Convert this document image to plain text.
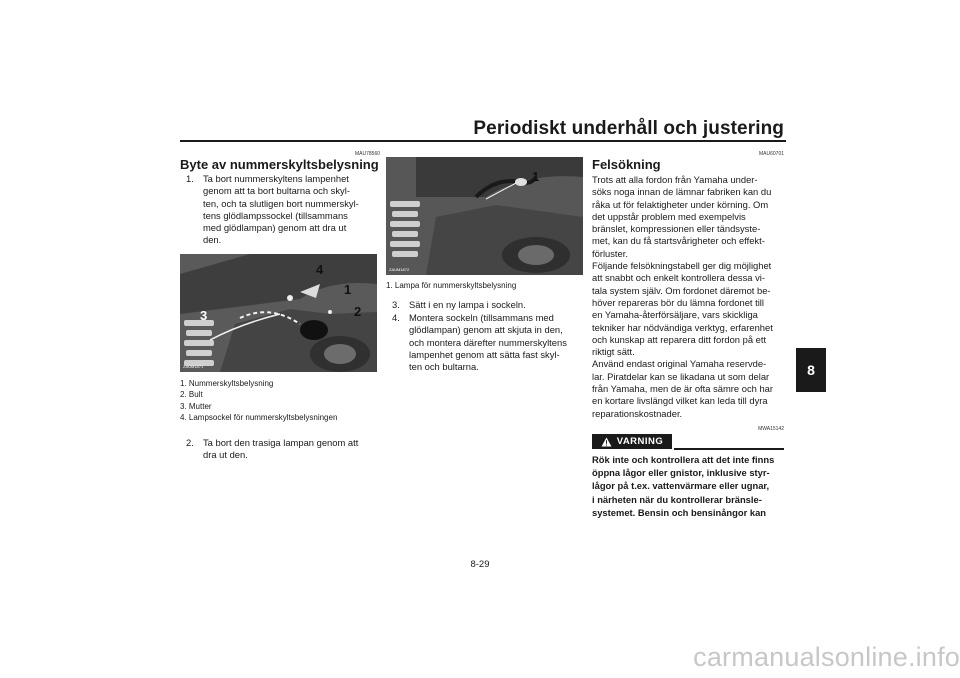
Periodiskt underhåll och justering
8
MAU78560
Byte av nummerskyltsbelysning
1. Ta bort nummerskyltens lampenhet
genom att ta bort bultarna och skyl-
ten, och ta slutligen bort nummerskyl-
tens glödlampssockel (tillsammans
med glödlampan) genom att dra ut
den.
4
1
2
3
ZAUM1871
1. Nummerskyltsbelysning
2. Bult
3. Mutter
4. Lampsockel för nummerskyltsbelysningen
2. Ta bort den trasiga lampan genom att
dra ut den.
1
ZAUM1872
1. Lampa för nummerskyltsbelysning
3. Sätt i en ny lampa i sockeln.
4. Montera sockeln (tillsammans med
glödlampan) genom att skjuta in den,
och montera därefter nummerskyltens
lampenhet genom att sätta fast skyl-
ten och bultarna.
MAU60701
Felsökning
Trots att alla fordon från Yamaha under-
söks noga innan de lämnar fabriken kan du
råka ut för felaktigheter under körning. Om
det uppstår problem med exempelvis
bränslet, kompressionen eller tändsyste-
met, kan du få startsvårigheter och effekt-
förluster.
Följande felsökningstabell ger dig möjlighet
att snabbt och enkelt kontrollera dessa vi-
tala system själv. Om fordonet däremot be-
höver repareras bör du lämna fordonet till
en Yamaha-återförsäljare, vars skickliga
tekniker har nödvändiga verktyg, erfarenhet
och kunskap att reparera ditt fordon på ett
riktigt sätt.
Använd endast original Yamaha reservde-
lar. Piratdelar kan se likadana ut som delar
från Yamaha, men de är ofta sämre och har
en kortare livslängd vilket kan leda till dyra
reparationskostnader.
MWA15142
VARNING
Rök inte och kontrollera att det inte finns
öppna lågor eller gnistor, inklusive styr-
lågor på t.ex. vattenvärmare eller ugnar,
i närheten när du kontrollerar bränsle-
systemet. Bensin och bensinångor kan
8-29
carmanualsonline.info
